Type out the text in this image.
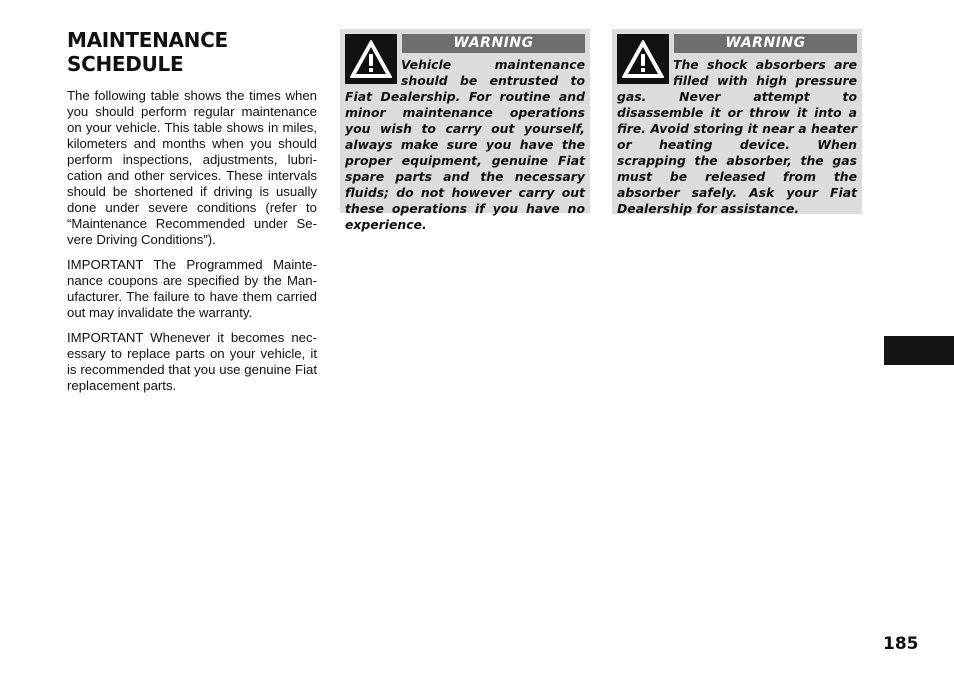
MAINTENANCE
SCHEDULE

The following table shows the times when you should perform regular maintenance on your vehicle. This table shows in miles, kilometers and months when you should perform inspections, adjustments, lubrication and other services. These intervals should be shortened if driving is usually done under severe conditions (refer to “Maintenance Recommended under Severe Driving Conditions”).

IMPORTANT The Programmed Maintenance coupons are specified by the Manufacturer. The failure to have them carried out may invalidate the warranty.

IMPORTANT Whenever it becomes necessary to replace parts on your vehicle, it is recommended that you use genuine Fiat replacement parts.

WARNING

Vehicle maintenance should be entrusted to Fiat Dealership. For routine and minor maintenance operations you wish to carry out yourself, always make sure you have the proper equipment, genuine Fiat spare parts and the necessary fluids; do not however carry out these operations if you have no experience.

WARNING

The shock absorbers are filled with high pressure gas. Never attempt to disassemble it or throw it into a fire. Avoid storing it near a heater or heating device. When scrapping the absorber, the gas must be released from the absorber safely. Ask your Fiat Dealership for assistance.

185
